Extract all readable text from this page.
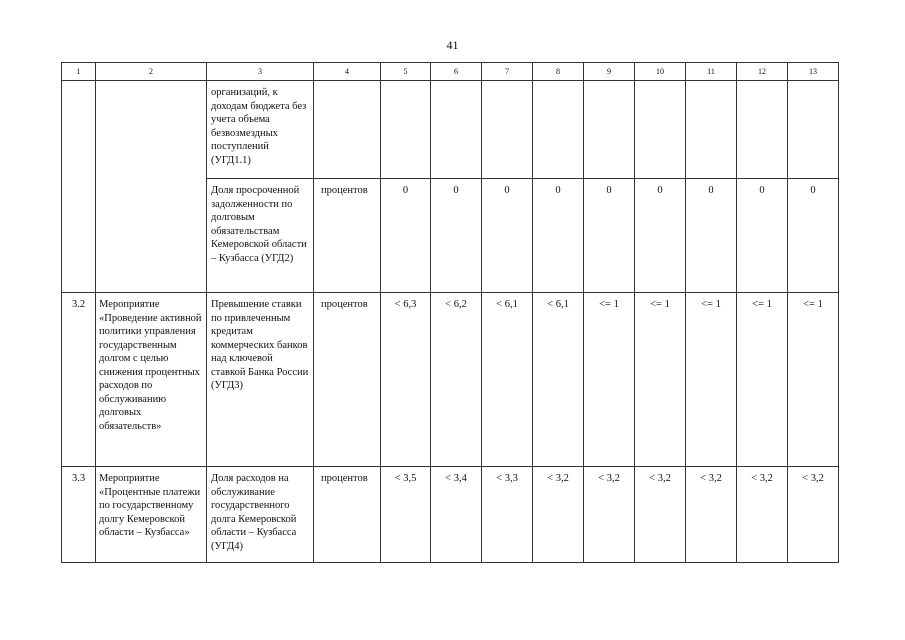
41
1	2	3	4	5	6	7	8	9	10	11	12	13
		организаций, к доходам бюджета без учета объема безвозмездных поступлений (УГД1.1)										
		Доля просроченной задолженности по долговым обязательствам Кемеровской области – Кузбасса (УГД2)	процентов	0	0	0	0	0	0	0	0	0
3.2	Мероприятие «Проведение активной политики управления государственным долгом с целью снижения процентных расходов по обслуживанию долговых обязательств»	Превышение ставки по привлеченным кредитам коммерческих банков над ключевой ставкой Банка России (УГД3)	процентов	< 6,3	< 6,2	< 6,1	< 6,1	<= 1	<= 1	<= 1	<= 1	<= 1
3.3	Мероприятие «Процентные платежи по государственному долгу Кемеровской области – Кузбасса»	Доля расходов на обслуживание государственного долга Кемеровской области – Кузбасса (УГД4)	процентов	< 3,5	< 3,4	< 3,3	< 3,2	< 3,2	< 3,2	< 3,2	< 3,2	< 3,2
